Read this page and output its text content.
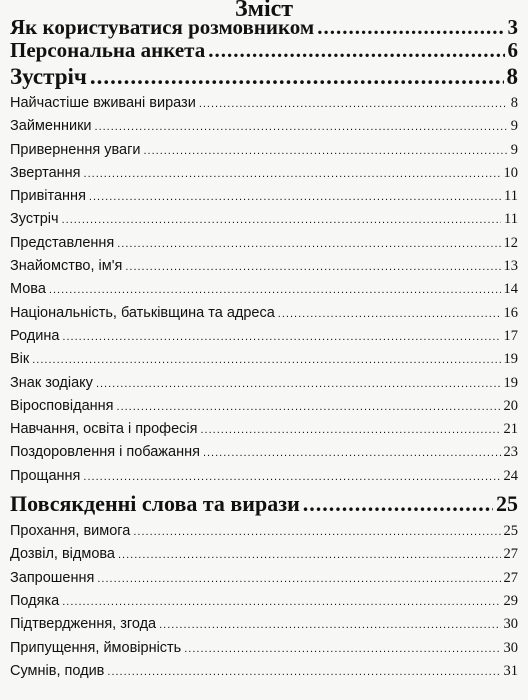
Зміст
Як користуватися розмовником .....	3
Персональна анкета .....	6
Зустріч .....	8
Найчастіше вживані вирази .....	8
Займенники .....	9
Привернення уваги .....	9
Звертання .....	10
Привітання .....	11
Зустріч .....	11
Представлення .....	12
Знайомство, ім'я .....	13
Мова .....	14
Національність, батьківщина та адреса .....	16
Родина .....	17
Вік .....	19
Знак зодіаку .....	19
Віросповідання .....	20
Навчання, освіта і професія .....	21
Поздоровлення і побажання .....	23
Прощання .....	24
Повсякденні слова та вирази .....	25
Прохання, вимога .....	25
Дозвіл, відмова .....	27
Запрошення .....	27
Подяка .....	29
Підтвердження, згода .....	30
Припущення, ймовірність .....	30
Сумнів, подив .....	31
